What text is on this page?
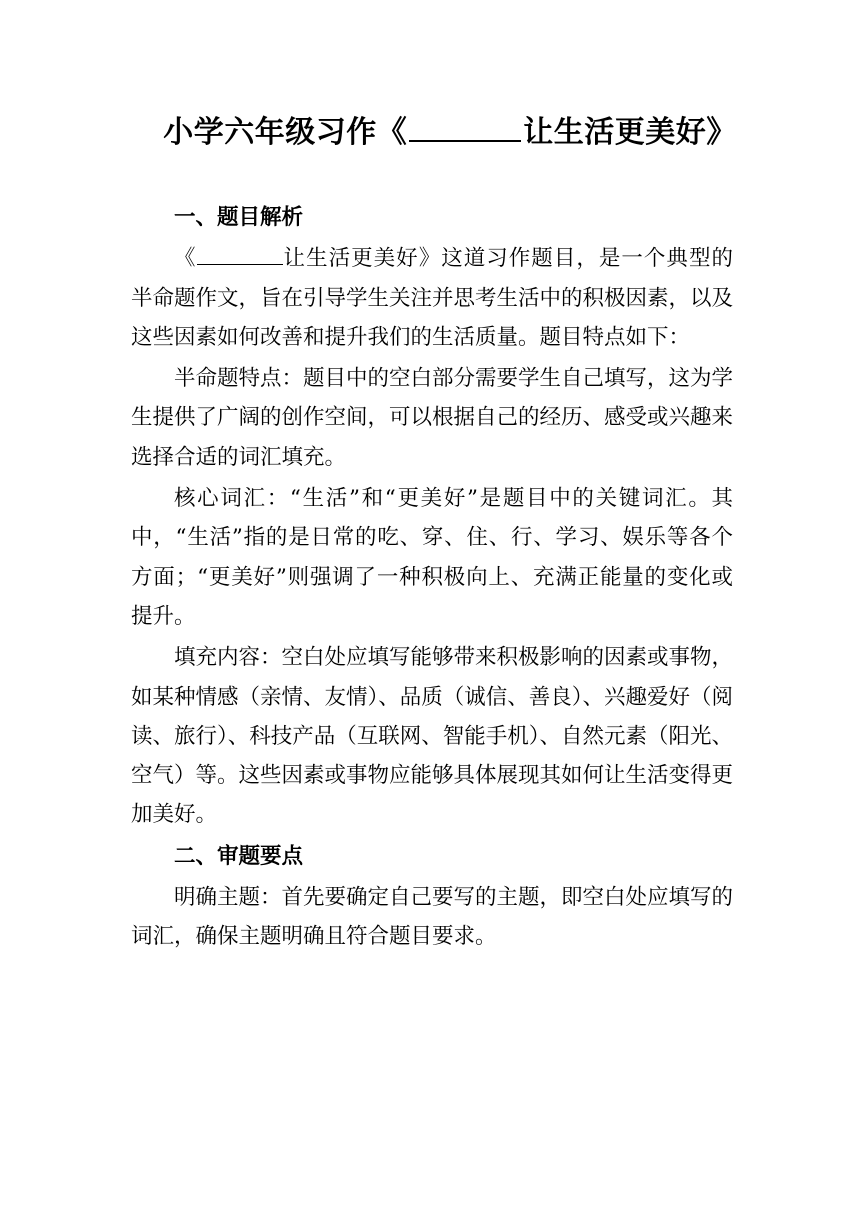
小学六年级习作《	让生活更美好》

一、题目解析

《	让生活更美好》这道习作题目，是一个典型的半命题作文，旨在引导学生关注并思考生活中的积极因素，以及这些因素如何改善和提升我们的生活质量。题目特点如下：

半命题特点：题目中的空白部分需要学生自己填写，这为学生提供了广阔的创作空间，可以根据自己的经历、感受或兴趣来选择合适的词汇填充。

核心词汇：“生活”和“更美好”是题目中的关键词汇。其中，“生活”指的是日常的吃、穿、住、行、学习、娱乐等各个方面；“更美好”则强调了一种积极向上、充满正能量的变化或提升。

填充内容：空白处应填写能够带来积极影响的因素或事物，如某种情感（亲情、友情）、品质（诚信、善良）、兴趣爱好（阅读、旅行）、科技产品（互联网、智能手机）、自然元素（阳光、空气）等。这些因素或事物应能够具体展现其如何让生活变得更加美好。

二、审题要点

明确主题：首先要确定自己要写的主题，即空白处应填写的词汇，确保主题明确且符合题目要求。
